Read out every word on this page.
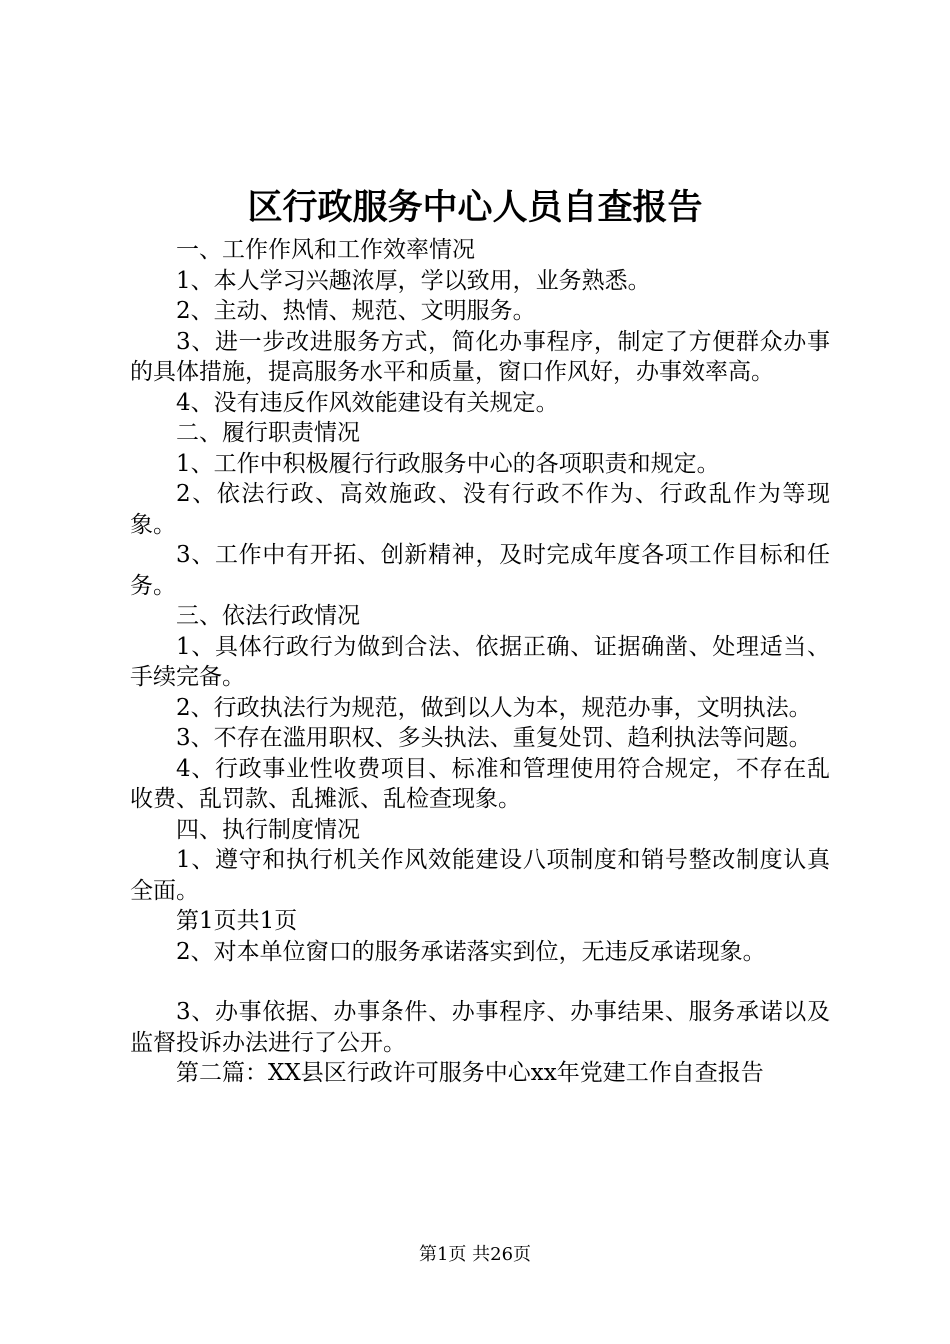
区行政服务中心人员自查报告

一、工作作风和工作效率情况

1、本人学习兴趣浓厚，学以致用，业务熟悉。

2、主动、热情、规范、文明服务。

3、进一步改进服务方式，简化办事程序，制定了方便群众办事的具体措施，提高服务水平和质量，窗口作风好，办事效率高。

4、没有违反作风效能建设有关规定。

二、履行职责情况

1、工作中积极履行行政服务中心的各项职责和规定。

2、依法行政、高效施政、没有行政不作为、行政乱作为等现象。

3、工作中有开拓、创新精神，及时完成年度各项工作目标和任务。

三、依法行政情况

1、具体行政行为做到合法、依据正确、证据确凿、处理适当、手续完备。

2、行政执法行为规范，做到以人为本，规范办事，文明执法。

3、不存在滥用职权、多头执法、重复处罚、趋利执法等问题。

4、行政事业性收费项目、标准和管理使用符合规定，不存在乱收费、乱罚款、乱摊派、乱检查现象。

四、执行制度情况

1、遵守和执行机关作风效能建设八项制度和销号整改制度认真全面。

第1页共1页

2、对本单位窗口的服务承诺落实到位，无违反承诺现象。

3、办事依据、办事条件、办事程序、办事结果、服务承诺以及监督投诉办法进行了公开。

第二篇：XX县区行政许可服务中心xx年党建工作自查报告

第1页 共26页
